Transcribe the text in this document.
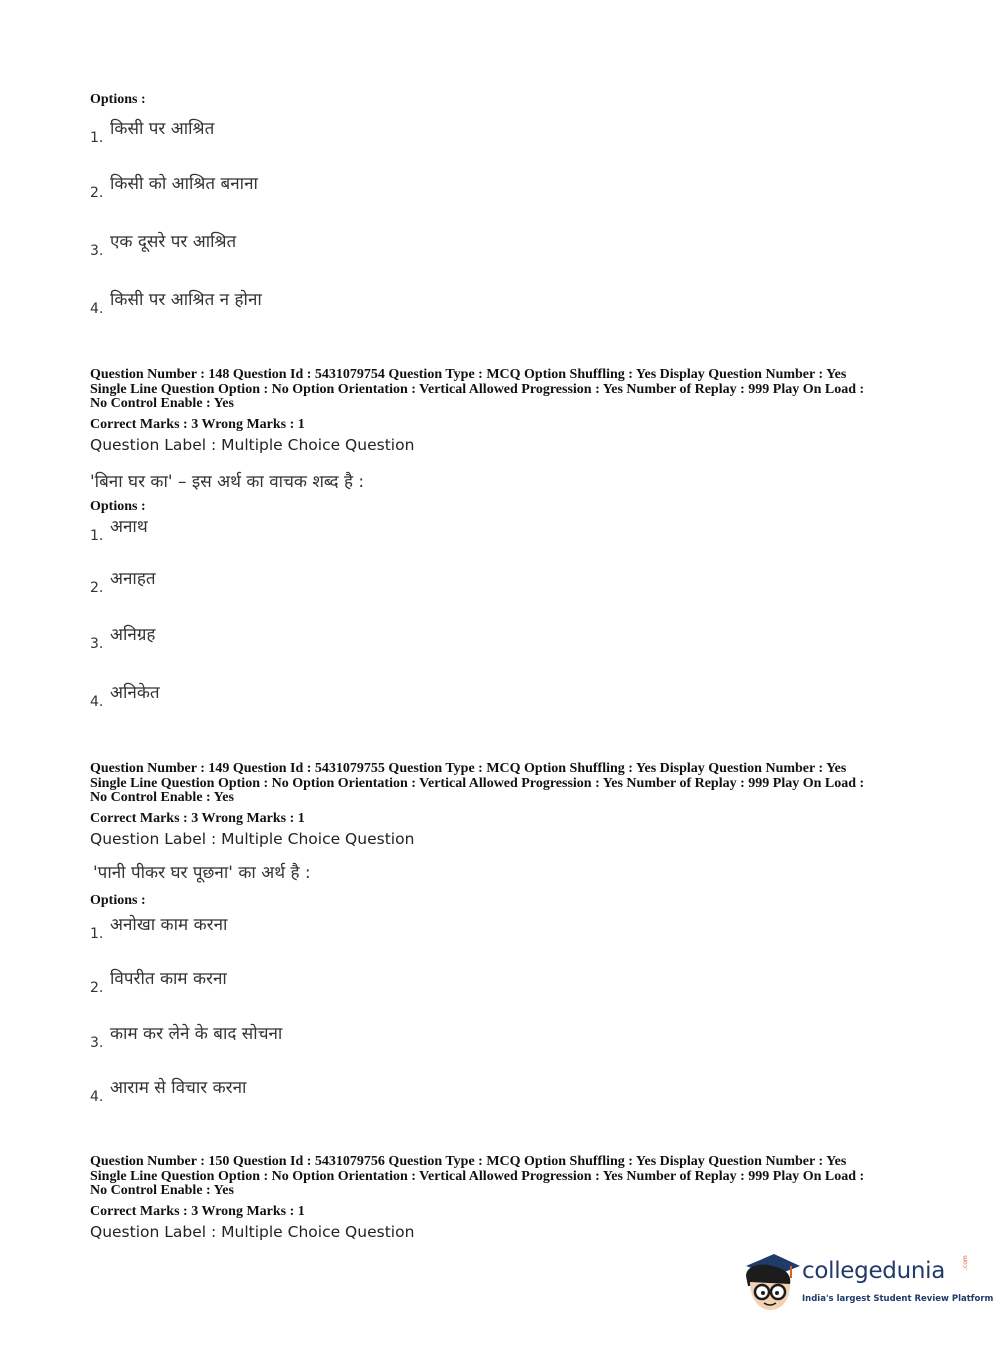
Options :
1. किसी पर आश्रित
2. किसी को आश्रित बनाना
3. एक दूसरे पर आश्रित
4. किसी पर आश्रित न होना
Question Number : 148 Question Id : 5431079754 Question Type : MCQ Option Shuffling : Yes Display Question Number : Yes
Single Line Question Option : No Option Orientation : Vertical Allowed Progression : Yes Number of Replay : 999 Play On Load :
No Control Enable : Yes
Correct Marks : 3 Wrong Marks : 1
Question Label : Multiple Choice Question
'बिना घर का' – इस अर्थ का वाचक शब्द है :
Options :
1. अनाथ
2. अनाहत
3. अनिग्रह
4. अनिकेत
Question Number : 149 Question Id : 5431079755 Question Type : MCQ Option Shuffling : Yes Display Question Number : Yes
Single Line Question Option : No Option Orientation : Vertical Allowed Progression : Yes Number of Replay : 999 Play On Load :
No Control Enable : Yes
Correct Marks : 3 Wrong Marks : 1
Question Label : Multiple Choice Question
'पानी पीकर घर पूछना' का अर्थ है :
Options :
1. अनोखा काम करना
2. विपरीत काम करना
3. काम कर लेने के बाद सोचना
4. आराम से विचार करना
Question Number : 150 Question Id : 5431079756 Question Type : MCQ Option Shuffling : Yes Display Question Number : Yes
Single Line Question Option : No Option Orientation : Vertical Allowed Progression : Yes Number of Replay : 999 Play On Load :
No Control Enable : Yes
Correct Marks : 3 Wrong Marks : 1
Question Label : Multiple Choice Question
collegedunia	.com
India's largest Student Review Platform
